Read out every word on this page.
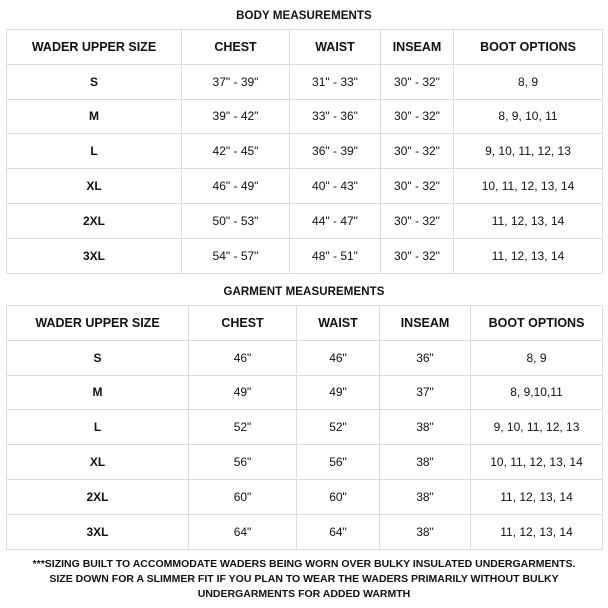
BODY MEASUREMENTS
WADER UPPER SIZE	CHEST	WAIST	INSEAM	BOOT OPTIONS
S	37" - 39"	31" - 33"	30" - 32"	8, 9
M	39" - 42"	33" - 36"	30" - 32"	8, 9, 10, 11
L	42" - 45"	36" - 39"	30" - 32"	9, 10, 11, 12, 13
XL	46" - 49"	40" - 43"	30" - 32"	10, 11, 12, 13, 14
2XL	50" - 53"	44" - 47"	30" - 32"	11, 12, 13, 14
3XL	54" - 57"	48" - 51"	30" - 32"	11, 12, 13, 14
GARMENT MEASUREMENTS
WADER UPPER SIZE	CHEST	WAIST	INSEAM	BOOT OPTIONS
S	46"	46"	36"	8, 9
M	49"	49"	37"	8, 9,10,11
L	52"	52"	38"	9, 10, 11, 12, 13
XL	56"	56"	38"	10, 11, 12, 13, 14
2XL	60"	60"	38"	11, 12, 13, 14
3XL	64"	64"	38"	11, 12, 13, 14
***SIZING BUILT TO ACCOMMODATE WADERS BEING WORN OVER BULKY INSULATED UNDERGARMENTS. SIZE DOWN FOR A SLIMMER FIT IF YOU PLAN TO WEAR THE WADERS PRIMARILY WITHOUT BULKY UNDERGARMENTS FOR ADDED WARMTH
